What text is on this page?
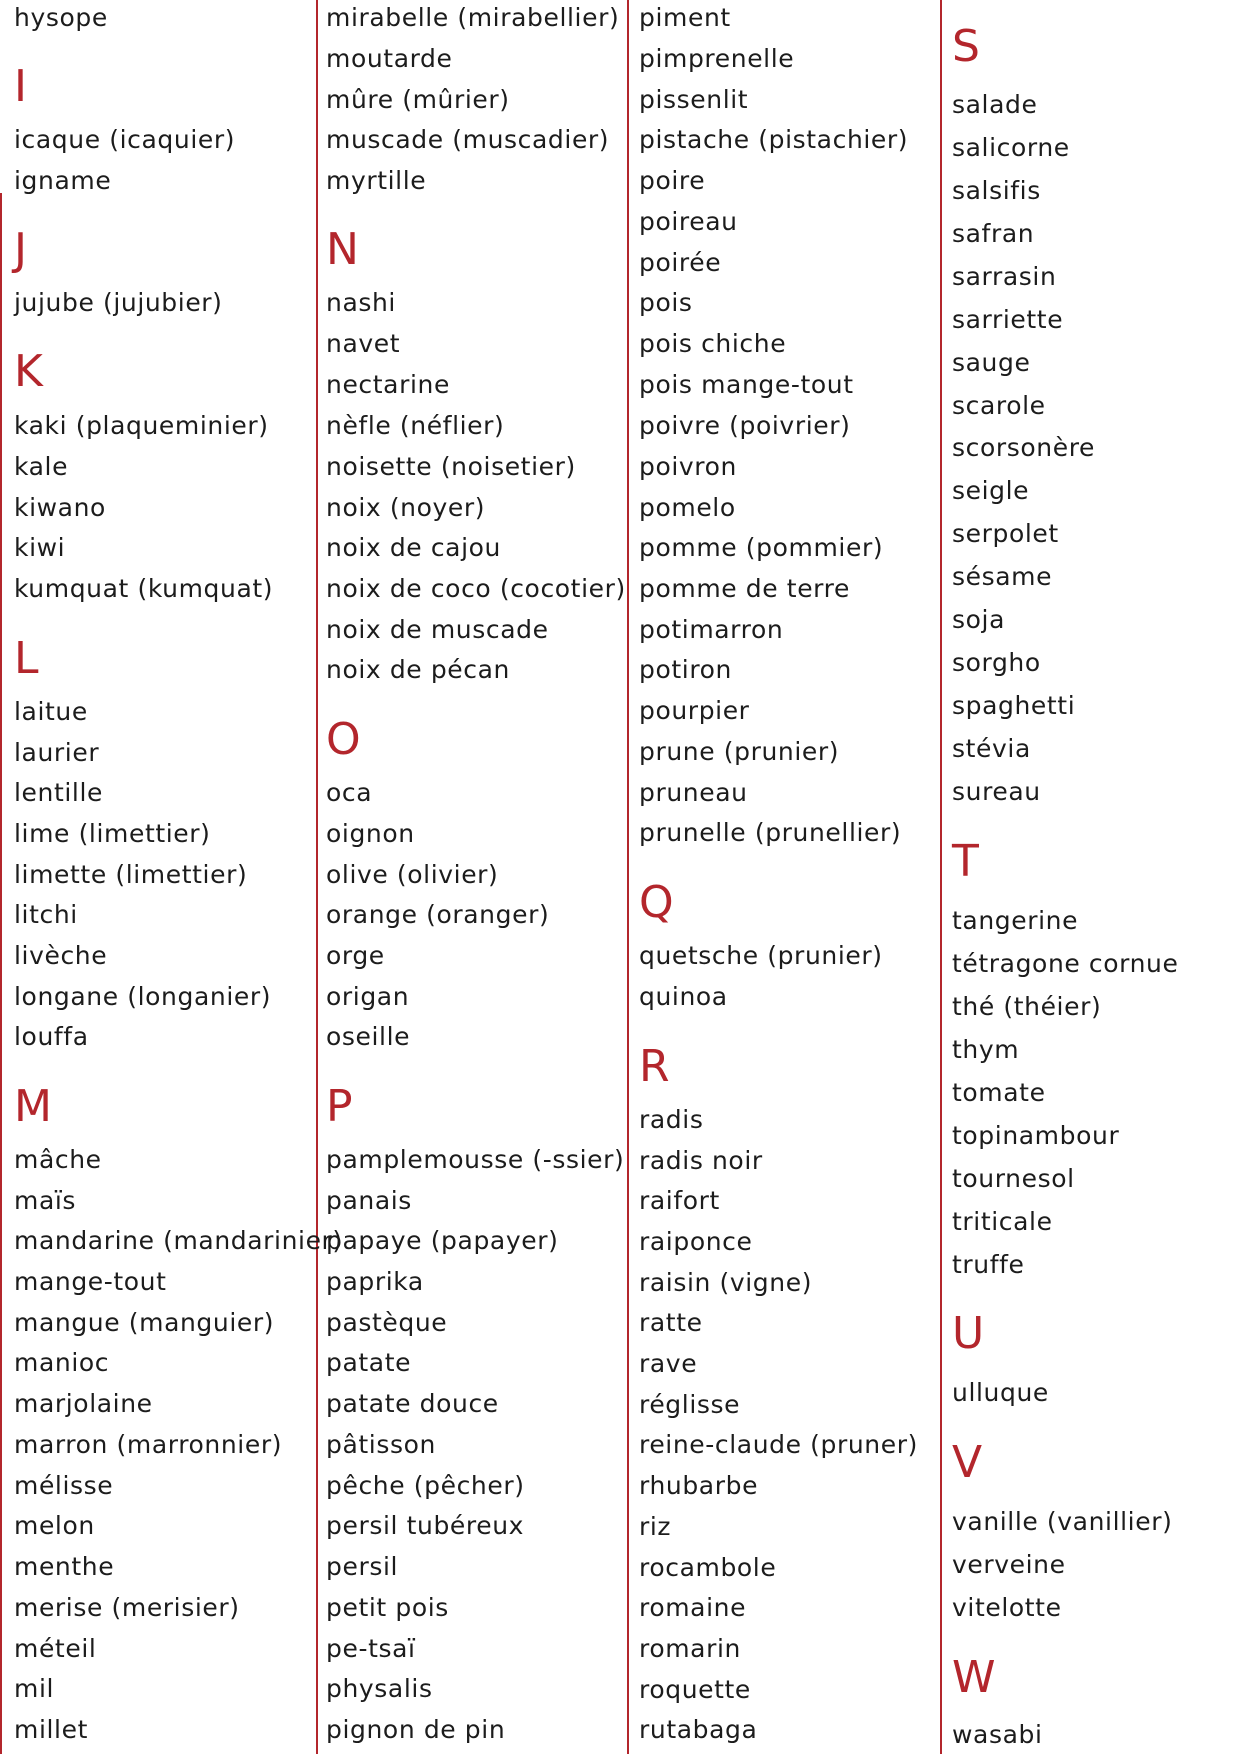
hysope
I
icaque (icaquier)
igname
J
jujube (jujubier)
K
kaki (plaqueminier)
kale
kiwano
kiwi
kumquat (kumquat)
L
laitue
laurier
lentille
lime (limettier)
limette (limettier)
litchi
livèche
longane (longanier)
louffa
M
mâche
maïs
mandarine (mandarinier)
mange-tout
mangue (manguier)
manioc
marjolaine
marron (marronnier)
mélisse
melon
menthe
merise (merisier)
méteil
mil
millet
mirabelle (mirabellier)
moutarde
mûre (mûrier)
muscade (muscadier)
myrtille
N
nashi
navet
nectarine
nèfle (néflier)
noisette (noisetier)
noix (noyer)
noix de cajou
noix de coco (cocotier)
noix de muscade
noix de pécan
O
oca
oignon
olive (olivier)
orange (oranger)
orge
origan
oseille
P
pamplemousse (-ssier)
panais
papaye (papayer)
paprika
pastèque
patate
patate douce
pâtisson
pêche (pêcher)
persil tubéreux
persil
petit pois
pe-tsaï
physalis
pignon de pin
piment
pimprenelle
pissenlit
pistache (pistachier)
poire
poireau
poirée
pois
pois chiche
pois mange-tout
poivre (poivrier)
poivron
pomelo
pomme (pommier)
pomme de terre
potimarron
potiron
pourpier
prune (prunier)
pruneau
prunelle (prunellier)
Q
quetsche (prunier)
quinoa
R
radis
radis noir
raifort
raiponce
raisin (vigne)
ratte
rave
réglisse
reine-claude (pruner)
rhubarbe
riz
rocambole
romaine
romarin
roquette
rutabaga
S
salade
salicorne
salsifis
safran
sarrasin
sarriette
sauge
scarole
scorsonère
seigle
serpolet
sésame
soja
sorgho
spaghetti
stévia
sureau
T
tangerine
tétragone cornue
thé (théier)
thym
tomate
topinambour
tournesol
triticale
truffe
U
ulluque
V
vanille (vanillier)
verveine
vitelotte
W
wasabi
